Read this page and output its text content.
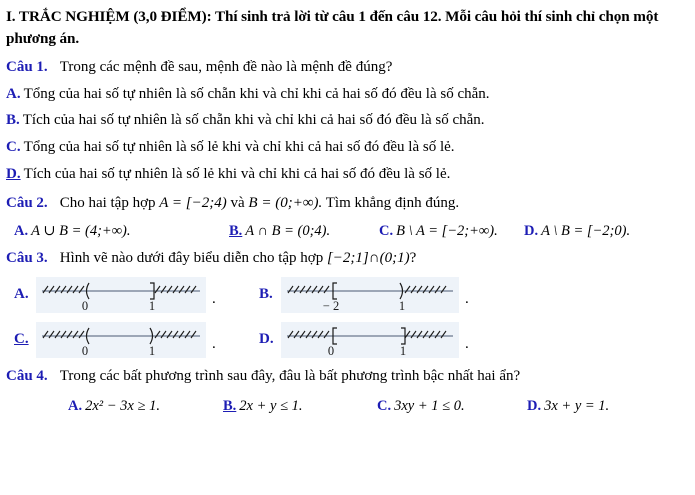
I. TRẮC NGHIỆM (3,0 ĐIỂM): Thí sinh trả lời từ câu 1 đến câu 12. Mỗi câu hỏi thí sinh chỉ chọn một phương án.
Câu 1. Trong các mệnh đề sau, mệnh đề nào là mệnh đề đúng?
A. Tổng của hai số tự nhiên là số chẵn khi và chỉ khi cả hai số đó đều là số chẵn.
B. Tích của hai số tự nhiên là số chẵn khi và chỉ khi cả hai số đó đều là số chẵn.
C. Tổng của hai số tự nhiên là số lẻ khi và chỉ khi cả hai số đó đều là số lẻ.
D. Tích của hai số tự nhiên là số lẻ khi và chỉ khi cả hai số đó đều là số lẻ.
Câu 2. Cho hai tập hợp A = [−2;4) và B = (0;+∞). Tìm khẳng định đúng.
A. A ∪ B = (4;+∞).	B. A ∩ B = (0;4).	C. B \ A = [−2;+∞).	D. A \ B = [−2;0).
Câu 3. Hình vẽ nào dưới đây biểu diễn cho tập hợp [−2;1]∩(0;1)?
A.
0	1	.	B.
− 2	1	.
C.
0	1	.	D.
0	1	.
Câu 4. Trong các bất phương trình sau đây, đâu là bất phương trình bậc nhất hai ẩn?
A. 2x² − 3x ≥ 1.	B. 2x + y ≤ 1.	C. 3xy + 1 ≤ 0.	D. 3x + y = 1.
